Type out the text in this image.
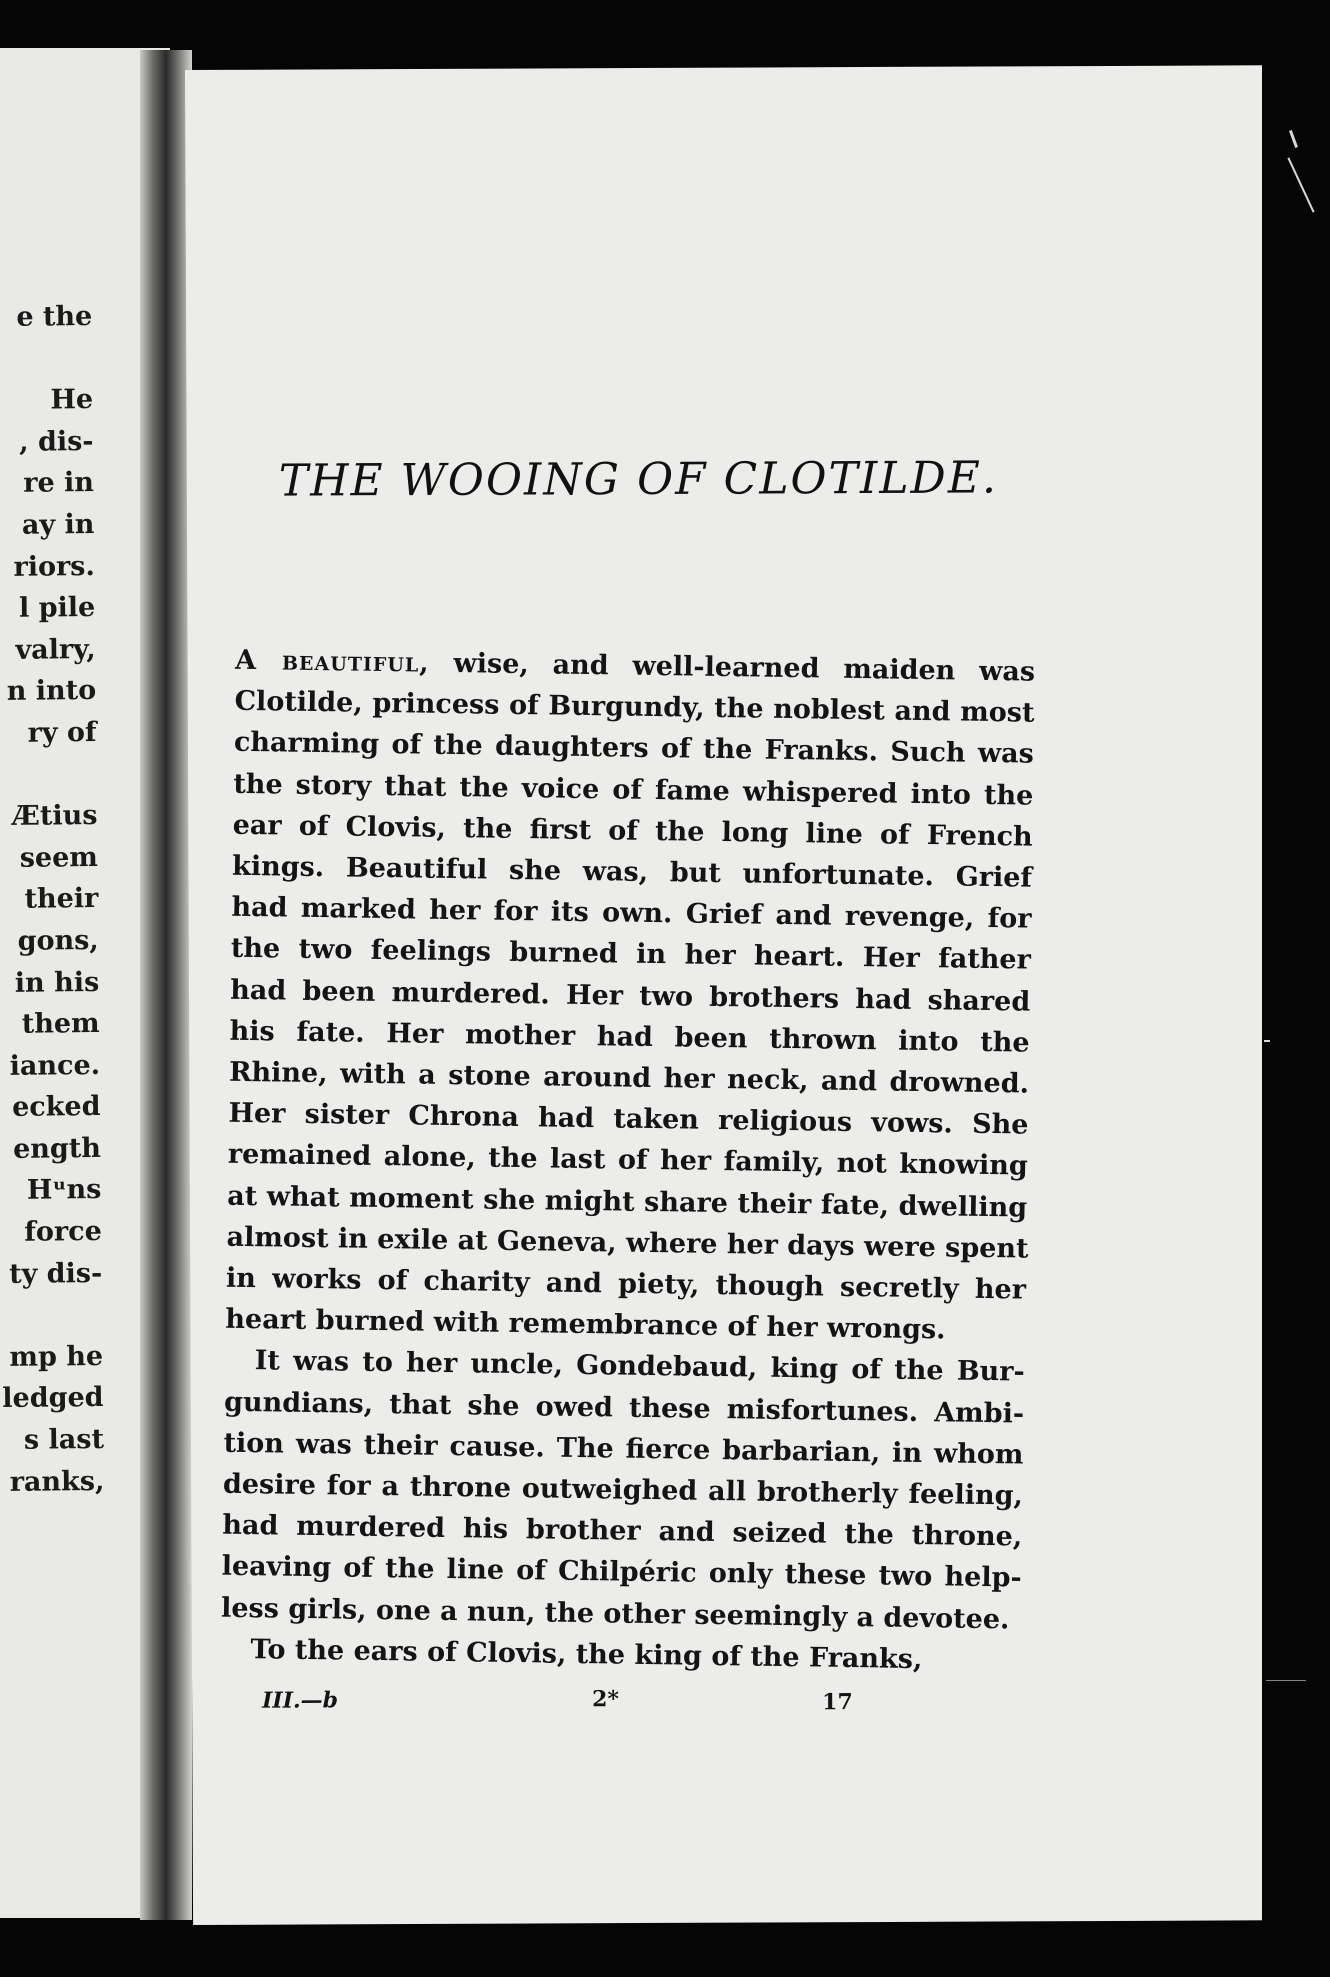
e the
He
, dis-
re in
ay in
riors.
l pile
valry,
n into
ry of
Ætius
seem
their
gons,
in his
them
iance.
ecked
ength
Hᵘns
force
ty dis-
mp he
ledged
s last
ranks,
THE WOOING OF CLOTILDE.

A beautiful, wise, and well-learned maiden was
Clotilde, princess of Burgundy, the noblest and most
charming of the daughters of the Franks. Such was
the story that the voice of fame whispered into the
ear of Clovis, the first of the long line of French
kings. Beautiful she was, but unfortunate. Grief
had marked her for its own. Grief and revenge, for
the two feelings burned in her heart. Her father
had been murdered. Her two brothers had shared
his fate. Her mother had been thrown into the
Rhine, with a stone around her neck, and drowned.
Her sister Chrona had taken religious vows. She
remained alone, the last of her family, not knowing
at what moment she might share their fate, dwelling
almost in exile at Geneva, where her days were spent
in works of charity and piety, though secretly her
heart burned with remembrance of her wrongs.

It was to her uncle, Gondebaud, king of the Bur-
gundians, that she owed these misfortunes. Ambi-
tion was their cause. The fierce barbarian, in whom
desire for a throne outweighed all brotherly feeling,
had murdered his brother and seized the throne,
leaving of the line of Chilpéric only these two help-
less girls, one a nun, the other seemingly a devotee.

To the ears of Clovis, the king of the Franks,

III.—b	2*	17
